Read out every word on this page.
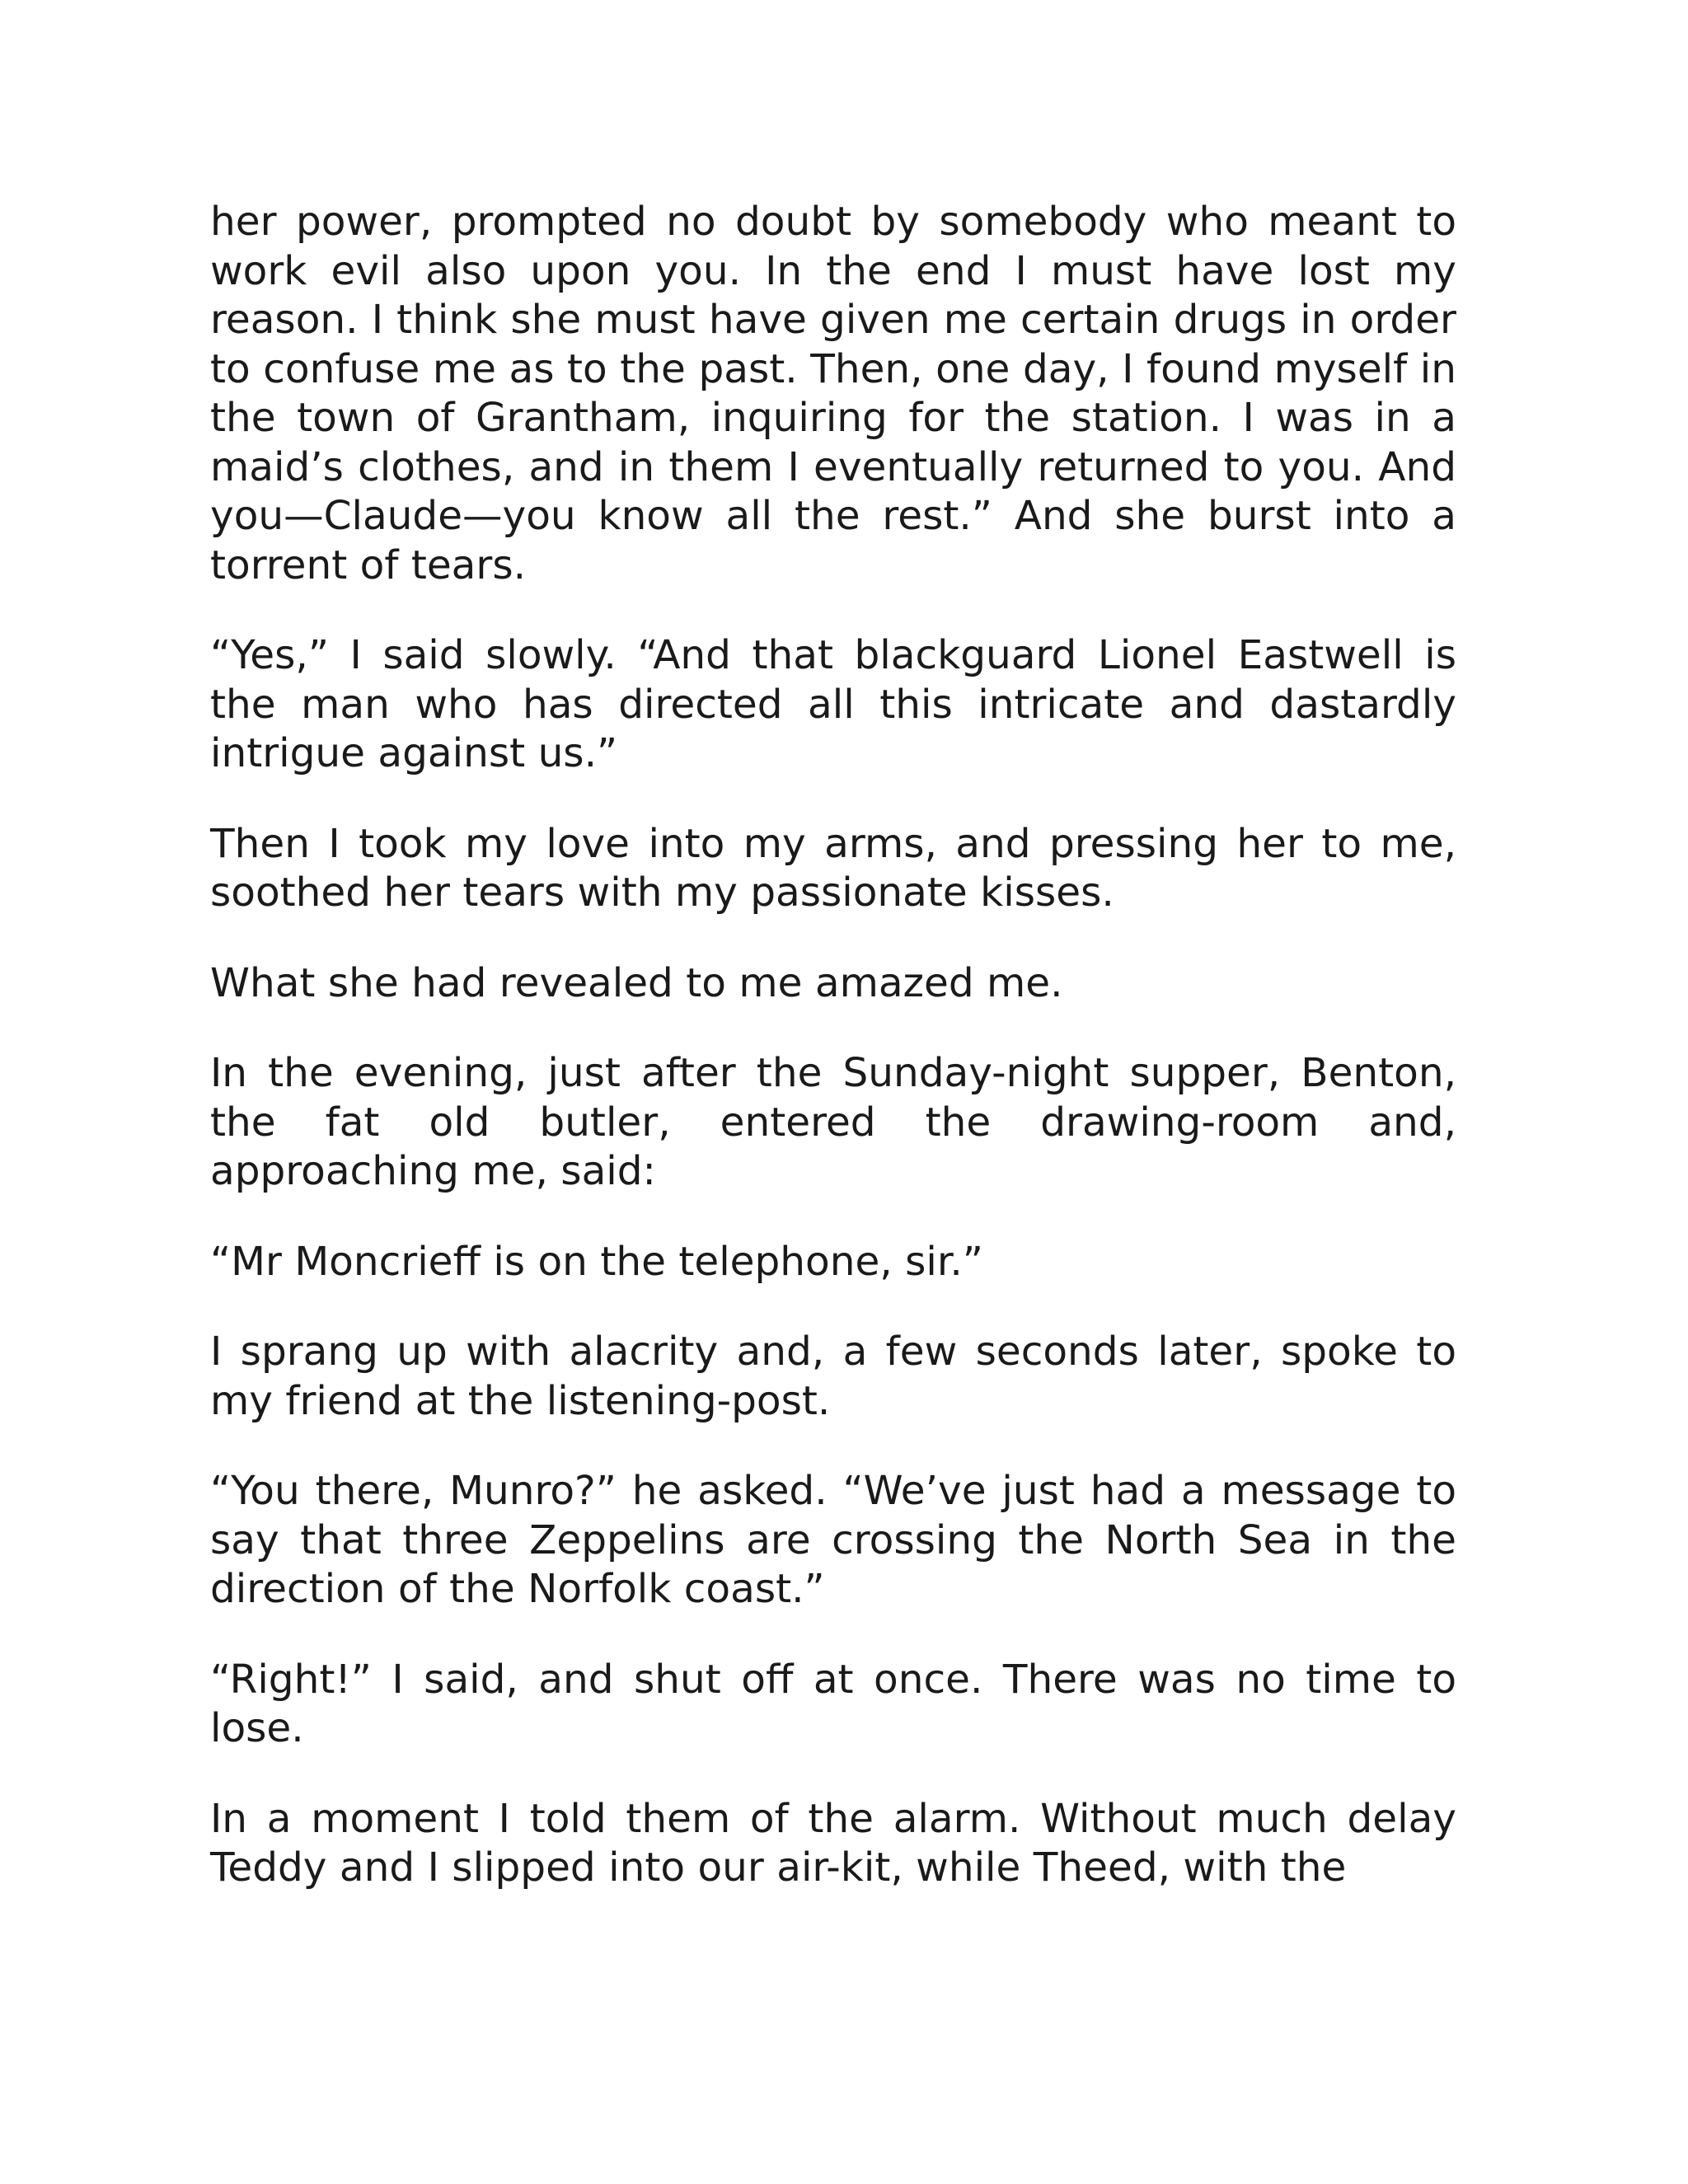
her power, prompted no doubt by somebody who meant to work evil also upon you. In the end I must have lost my reason. I think she must have given me certain drugs in order to confuse me as to the past. Then, one day, I found myself in the town of Grantham, inquiring for the station. I was in a maid’s clothes, and in them I eventually returned to you. And you—Claude—you know all the rest.” And she burst into a torrent of tears.

“Yes,” I said slowly. “And that blackguard Lionel Eastwell is the man who has directed all this intricate and dastardly intrigue against us.”

Then I took my love into my arms, and pressing her to me, soothed her tears with my passionate kisses.

What she had revealed to me amazed me.

In the evening, just after the Sunday-night supper, Benton, the fat old butler, entered the drawing-room and, approaching me, said:

“Mr Moncrieff is on the telephone, sir.”

I sprang up with alacrity and, a few seconds later, spoke to my friend at the listening-post.

“You there, Munro?” he asked. “We’ve just had a message to say that three Zeppelins are crossing the North Sea in the direction of the Norfolk coast.”

“Right!” I said, and shut off at once. There was no time to lose.

In a moment I told them of the alarm. Without much delay Teddy and I slipped into our air-kit, while Theed, with the
